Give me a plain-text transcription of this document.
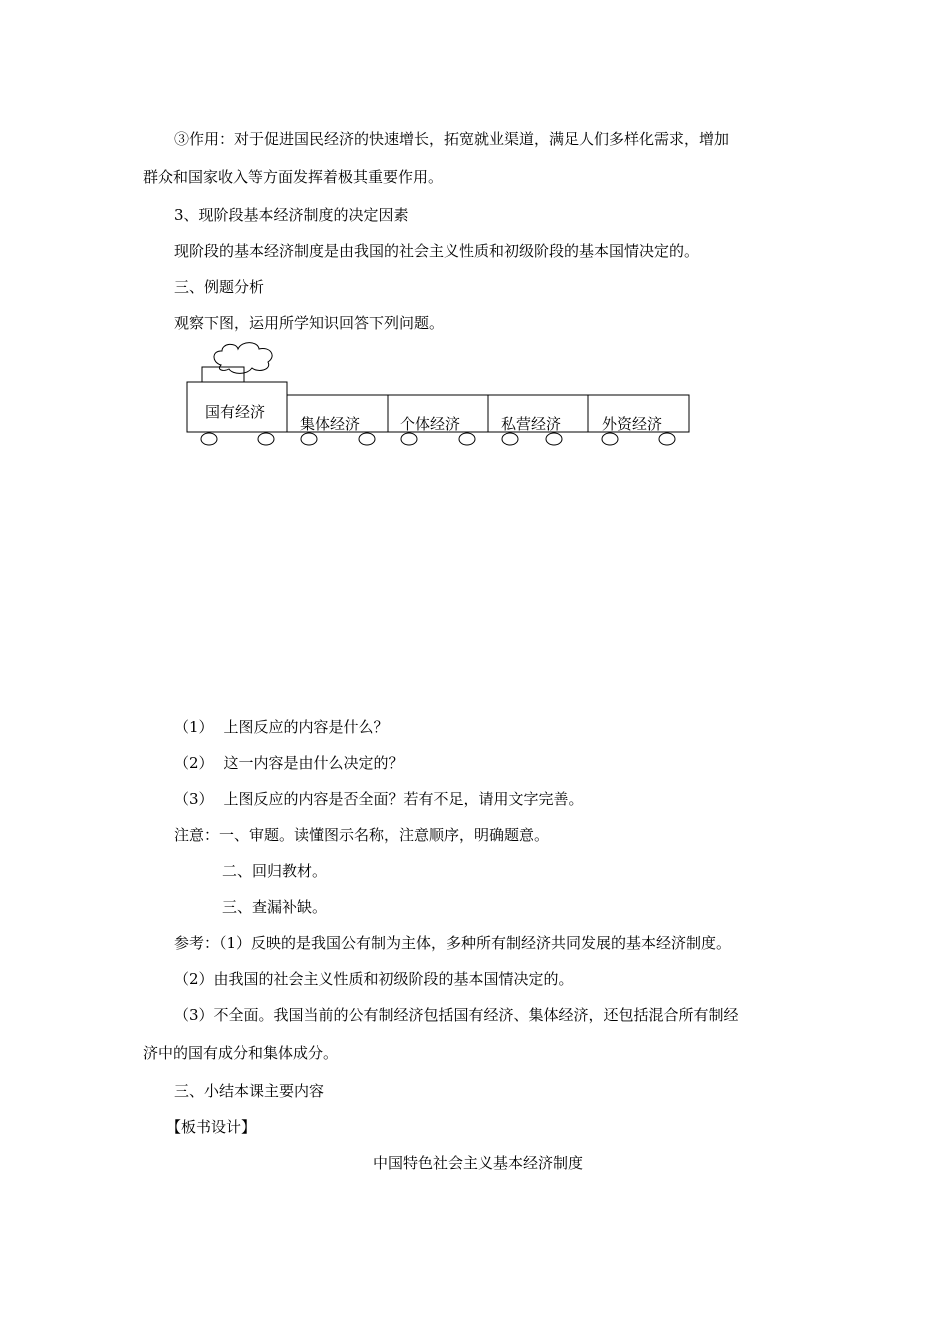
③作用：对于促进国民经济的快速增长，拓宽就业渠道，满足人们多样化需求，增加
群众和国家收入等方面发挥着极其重要作用。
3、现阶段基本经济制度的决定因素
现阶段的基本经济制度是由我国的社会主义性质和初级阶段的基本国情决定的。
三、例题分析
观察下图，运用所学知识回答下列问题。
国有经济
集体经济	个体经济	私营经济	外资经济
（1） 上图反应的内容是什么？
（2） 这一内容是由什么决定的？
（3） 上图反应的内容是否全面？若有不足，请用文字完善。
注意：一、审题。读懂图示名称，注意顺序，明确题意。
二、回归教材。
三、查漏补缺。
参考：（1）反映的是我国公有制为主体，多种所有制经济共同发展的基本经济制度。
（2）由我国的社会主义性质和初级阶段的基本国情决定的。
（3）不全面。我国当前的公有制经济包括国有经济、集体经济，还包括混合所有制经
济中的国有成分和集体成分。
三、小结本课主要内容
【板书设计】
中国特色社会主义基本经济制度
